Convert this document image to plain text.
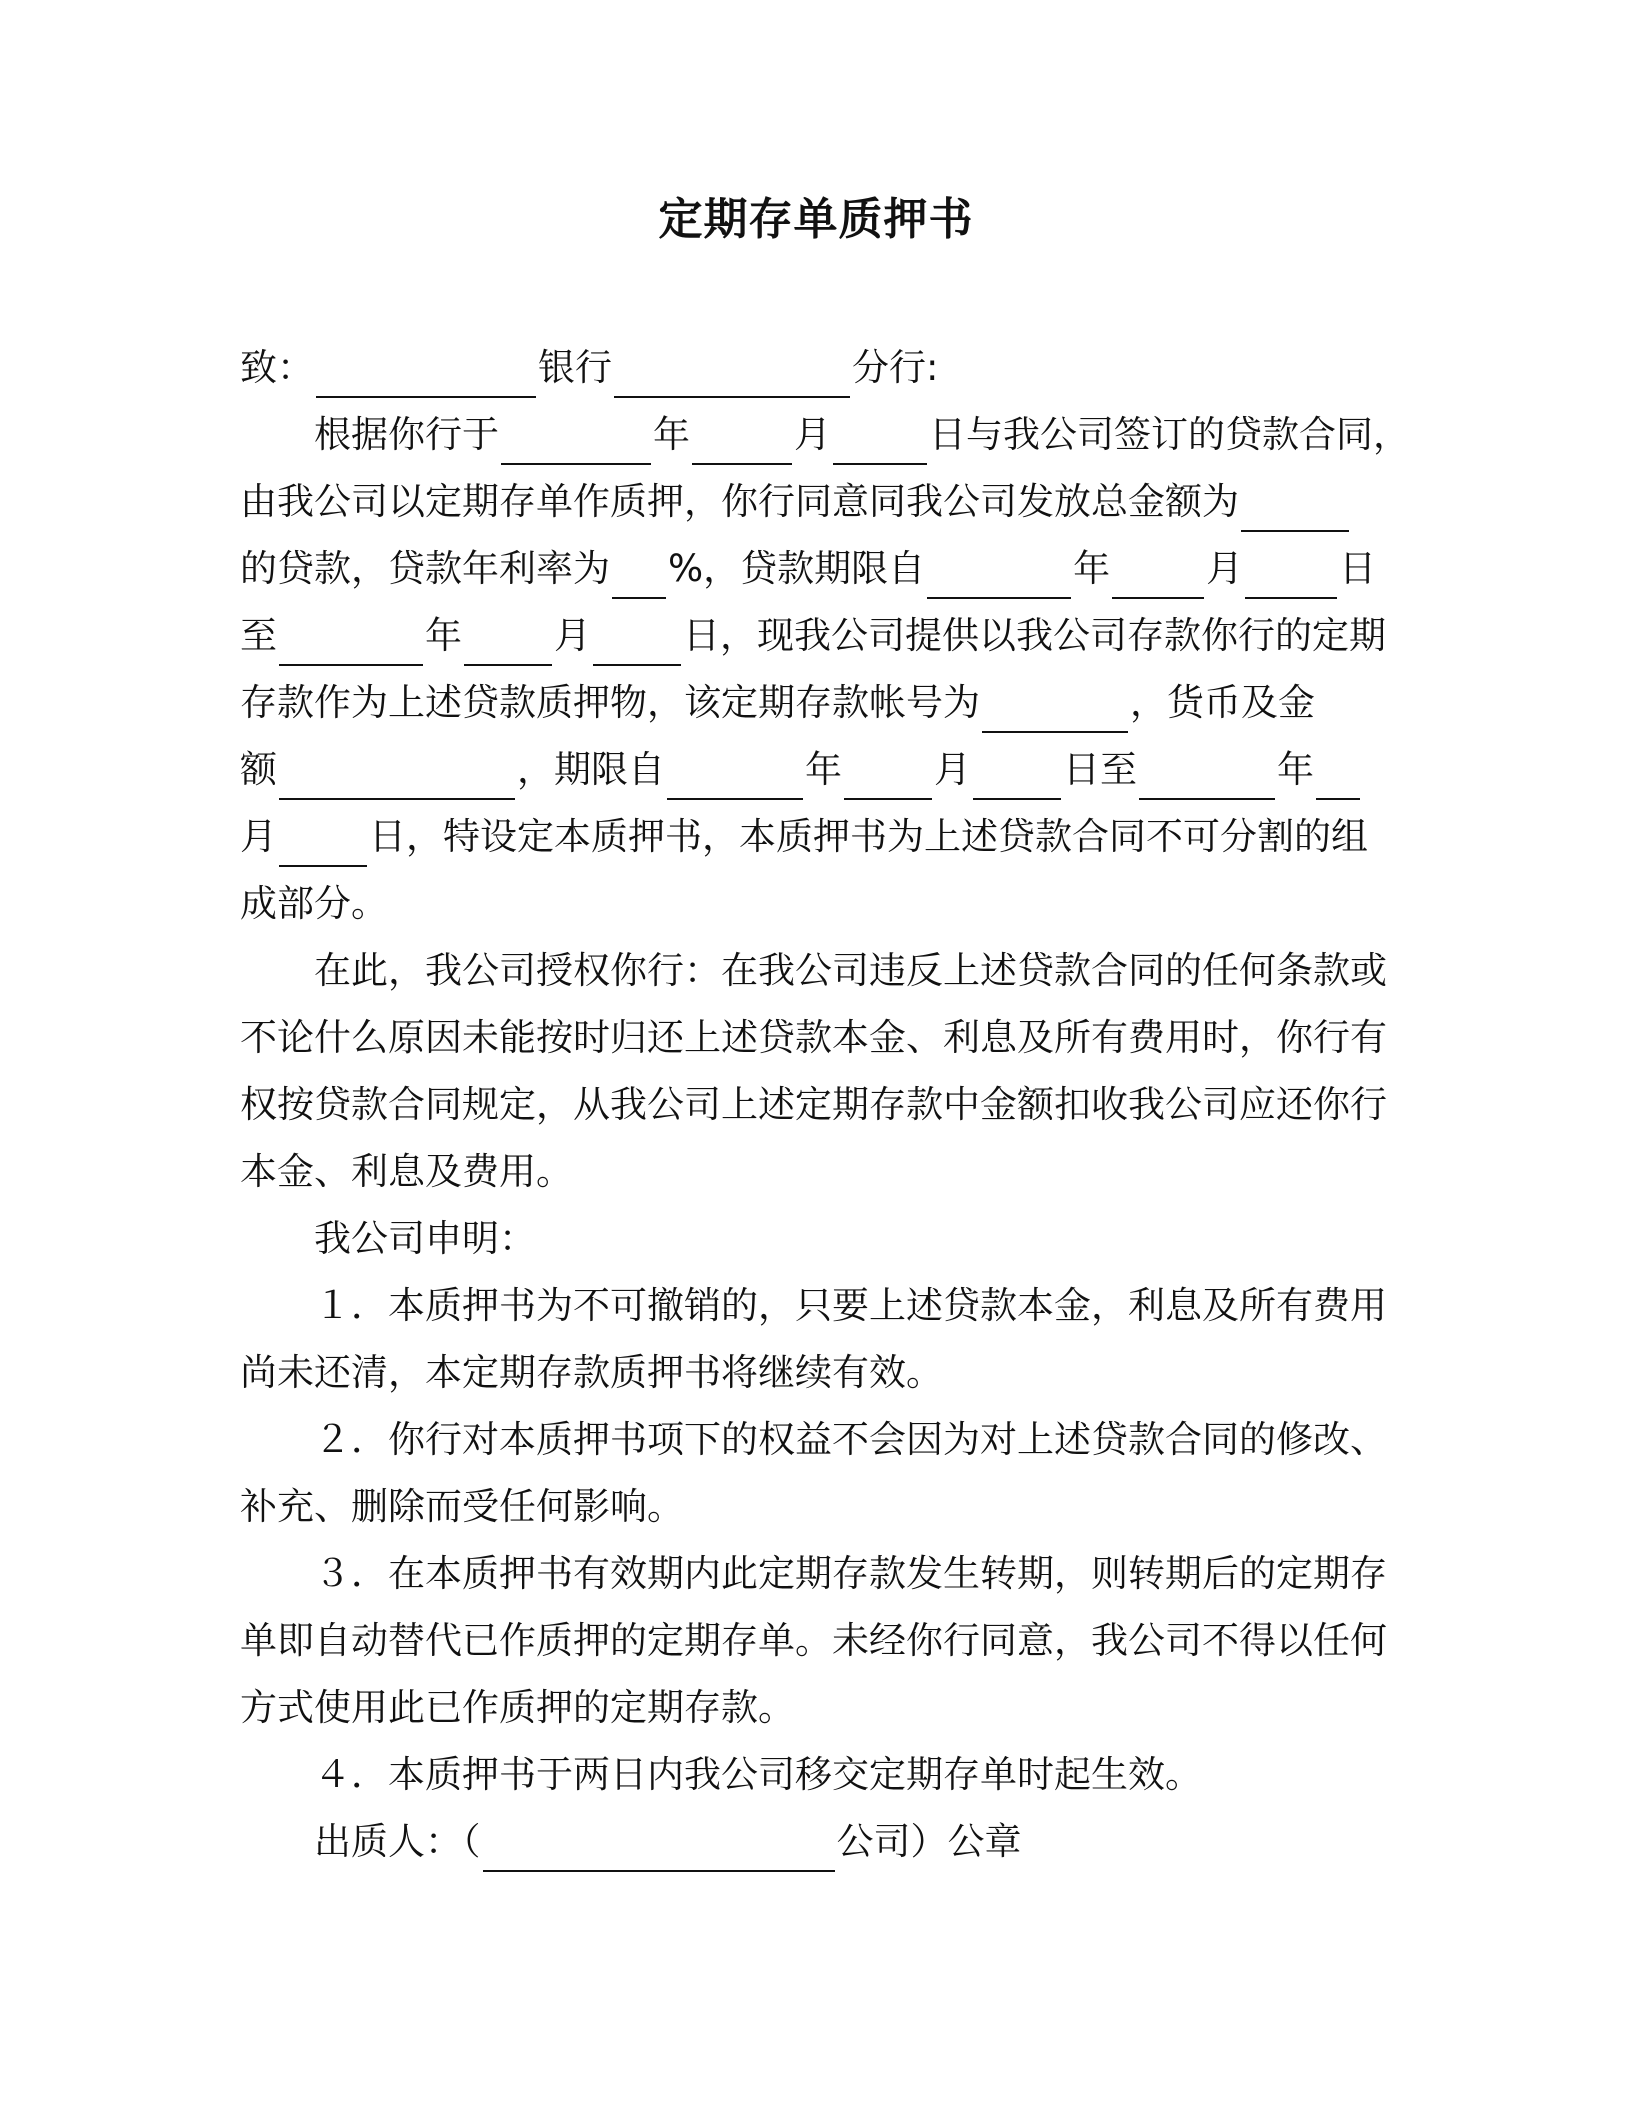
定期存单质押书
致：	银行	分行:
根据你行于	年	月	日与我公司签订的贷款合同，
由我公司以定期存单作质押，你行同意同我公司发放总金额为
的贷款，贷款年利率为 %，贷款期限自	年	月	日
至	年 月 日，现我公司提供以我公司存款你行的定期
存款作为上述贷款质押物，该定期存款帐号为	，货币及金
额	，期限自	年 月 日至	年
月 日，特设定本质押书，本质押书为上述贷款合同不可分割的组
成部分。
在此，我公司授权你行：在我公司违反上述贷款合同的任何条款或
不论什么原因未能按时归还上述贷款本金、利息及所有费用时，你行有
权按贷款合同规定，从我公司上述定期存款中金额扣收我公司应还你行
本金、利息及费用。
我公司申明：
１．本质押书为不可撤销的，只要上述贷款本金，利息及所有费用
尚未还清，本定期存款质押书将继续有效。
２．你行对本质押书项下的权益不会因为对上述贷款合同的修改、
补充、删除而受任何影响。
３．在本质押书有效期内此定期存款发生转期，则转期后的定期存
单即自动替代已作质押的定期存单。未经你行同意，我公司不得以任何
方式使用此已作质押的定期存款。
４．本质押书于两日内我公司移交定期存单时起生效。
出质人：（	公司）公章
